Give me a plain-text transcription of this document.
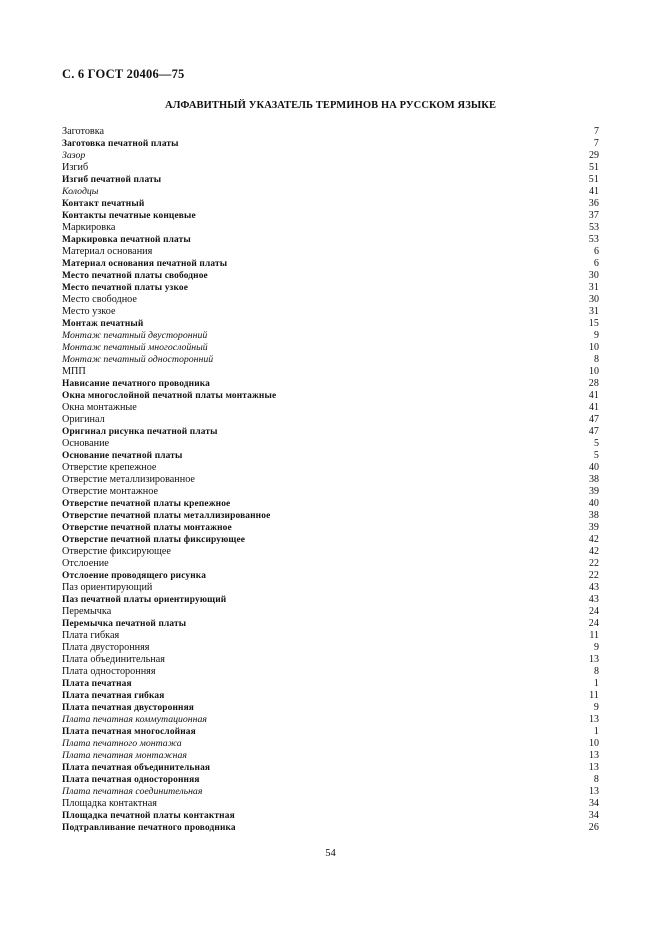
С. 6 ГОСТ 20406—75
АЛФАВИТНЫЙ УКАЗАТЕЛЬ ТЕРМИНОВ НА РУССКОМ ЯЗЫКЕ
Заготовка	7
Заготовка печатной платы	7
Зазор	29
Изгиб	51
Изгиб печатной платы	51
Колодцы	41
Контакт печатный	36
Контакты печатные концевые	37
Маркировка	53
Маркировка печатной платы	53
Материал основания	6
Материал основания печатной платы	6
Место печатной платы свободное	30
Место печатной платы узкое	31
Место свободное	30
Место узкое	31
Монтаж печатный	15
Монтаж печатный двусторонний	9
Монтаж печатный многослойный	10
Монтаж печатный односторонний	8
МПП	10
Нависание печатного проводника	28
Окна многослойной печатной платы монтажные	41
Окна монтажные	41
Оригинал	47
Оригинал рисунка печатной платы	47
Основание	5
Основание печатной платы	5
Отверстие крепежное	40
Отверстие металлизированное	38
Отверстие монтажное	39
Отверстие печатной платы крепежное	40
Отверстие печатной платы металлизированное	38
Отверстие печатной платы монтажное	39
Отверстие печатной платы фиксирующее	42
Отверстие фиксирующее	42
Отслоение	22
Отслоение проводящего рисунка	22
Паз ориентирующий	43
Паз печатной платы ориентирующий	43
Перемычка	24
Перемычка печатной платы	24
Плата гибкая	11
Плата двусторонняя	9
Плата объединительная	13
Плата односторонняя	8
Плата печатная	1
Плата печатная гибкая	11
Плата печатная двусторонняя	9
Плата печатная коммутационная	13
Плата печатная многослойная	1
Плата печатного монтажа	10
Плата печатная монтажная	13
Плата печатная объединительная	13
Плата печатная односторонняя	8
Плата печатная соединительная	13
Площадка контактная	34
Площадка печатной платы контактная	34
Подтравливание печатного проводника	26
54
